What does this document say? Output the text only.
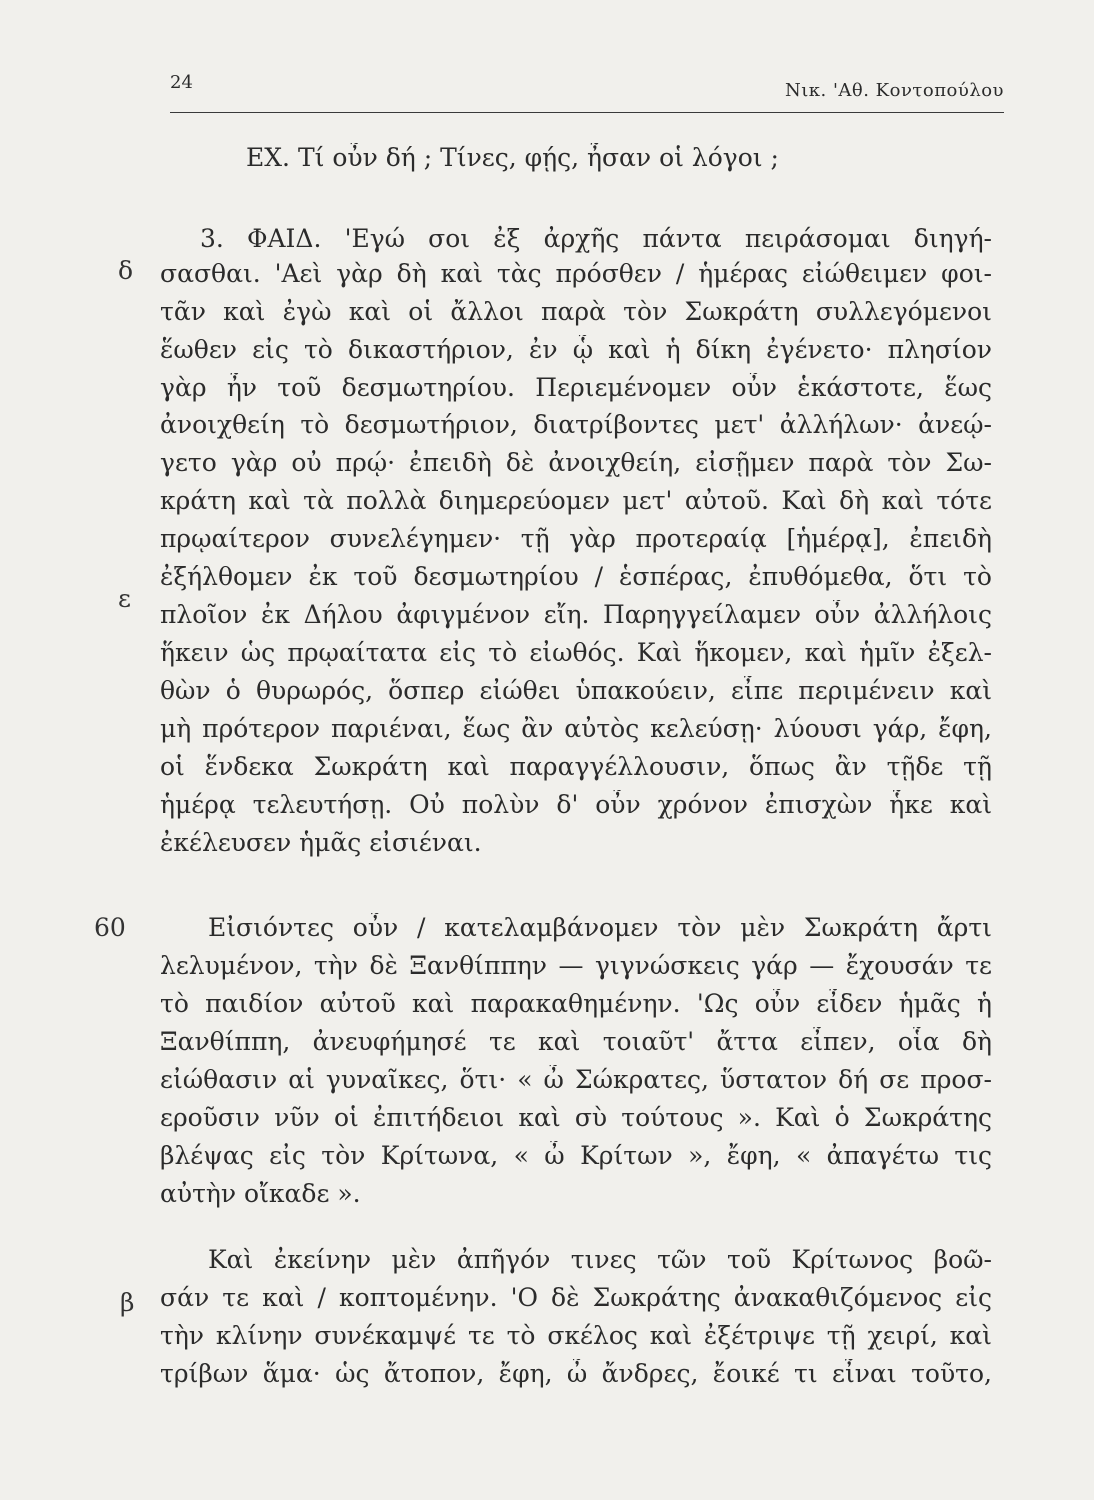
24	Νικ. 'Αθ. Κοντοπούλου
δ
ε
60
β
ΕΧ. Τί οὖν δή ; Τίνες, φῄς, ἦσαν οἱ λόγοι ;
3. ΦΑΙΔ. 'Εγώ σοι ἐξ ἀρχῆς πάντα πειράσομαι διηγή-
σασθαι. 'Αεὶ γὰρ δὴ καὶ τὰς πρόσθεν / ἡμέρας εἰώθειμεν φοι-
τᾶν καὶ ἐγὼ καὶ οἱ ἄλλοι παρὰ τὸν Σωκράτη συλλεγόμενοι
ἕωθεν εἰς τὸ δικαστήριον, ἐν ᾧ καὶ ἡ δίκη ἐγένετο· πλησίον
γὰρ ἦν τοῦ δεσμωτηρίου. Περιεμένομεν οὖν ἑκάστοτε, ἕως
ἀνοιχθείη τὸ δεσμωτήριον, διατρίβοντες μετ' ἀλλήλων· ἀνεῴ-
γετο γὰρ οὐ πρῴ· ἐπειδὴ δὲ ἀνοιχθείη, εἰσῇμεν παρὰ τὸν Σω-
κράτη καὶ τὰ πολλὰ διημερεύομεν μετ' αὐτοῦ. Καὶ δὴ καὶ τότε
πρῳαίτερον συνελέγημεν· τῇ γὰρ προτεραίᾳ [ἡμέρᾳ], ἐπειδὴ
ἐξήλθομεν ἐκ τοῦ δεσμωτηρίου / ἑσπέρας, ἐπυθόμεθα, ὅτι τὸ
πλοῖον ἐκ Δήλου ἀφιγμένον εἴη. Παρηγγείλαμεν οὖν ἀλλήλοις
ἥκειν ὡς πρῳαίτατα εἰς τὸ εἰωθός. Καὶ ἥκομεν, καὶ ἡμῖν ἐξελ-
θὼν ὁ θυρωρός, ὅσπερ εἰώθει ὑπακούειν, εἶπε περιμένειν καὶ
μὴ πρότερον παριέναι, ἕως ἂν αὐτὸς κελεύσῃ· λύουσι γάρ, ἔφη,
οἱ ἕνδεκα Σωκράτη καὶ παραγγέλλουσιν, ὅπως ἂν τῇδε τῇ
ἡμέρᾳ τελευτήσῃ. Οὐ πολὺν δ' οὖν χρόνον ἐπισχὼν ἧκε καὶ
ἐκέλευσεν ἡμᾶς εἰσιέναι.
Εἰσιόντες οὖν / κατελαμβάνομεν τὸν μὲν Σωκράτη ἄρτι
λελυμένον, τὴν δὲ Ξανθίππην — γιγνώσκεις γάρ — ἔχουσάν τε
τὸ παιδίον αὐτοῦ καὶ παρακαθημένην. 'Ως οὖν εἶδεν ἡμᾶς ἡ
Ξανθίππη, ἀνευφήμησέ τε καὶ τοιαῦτ' ἄττα εἶπεν, οἷα δὴ
εἰώθασιν αἱ γυναῖκες, ὅτι· « ὦ Σώκρατες, ὕστατον δή σε προσ-
εροῦσιν νῦν οἱ ἐπιτήδειοι καὶ σὺ τούτους ». Καὶ ὁ Σωκράτης
βλέψας εἰς τὸν Κρίτωνα, « ὦ Κρίτων », ἔφη, « ἀπαγέτω τις
αὐτὴν οἴκαδε ».
Καὶ ἐκείνην μὲν ἀπῆγόν τινες τῶν τοῦ Κρίτωνος βοῶ-
σάν τε καὶ / κοπτομένην. 'Ο δὲ Σωκράτης ἀνακαθιζόμενος εἰς
τὴν κλίνην συνέκαμψέ τε τὸ σκέλος καὶ ἐξέτριψε τῇ χειρί, καὶ
τρίβων ἅμα· ὡς ἄτοπον, ἔφη, ὦ ἄνδρες, ἔοικέ τι εἶναι τοῦτο,
